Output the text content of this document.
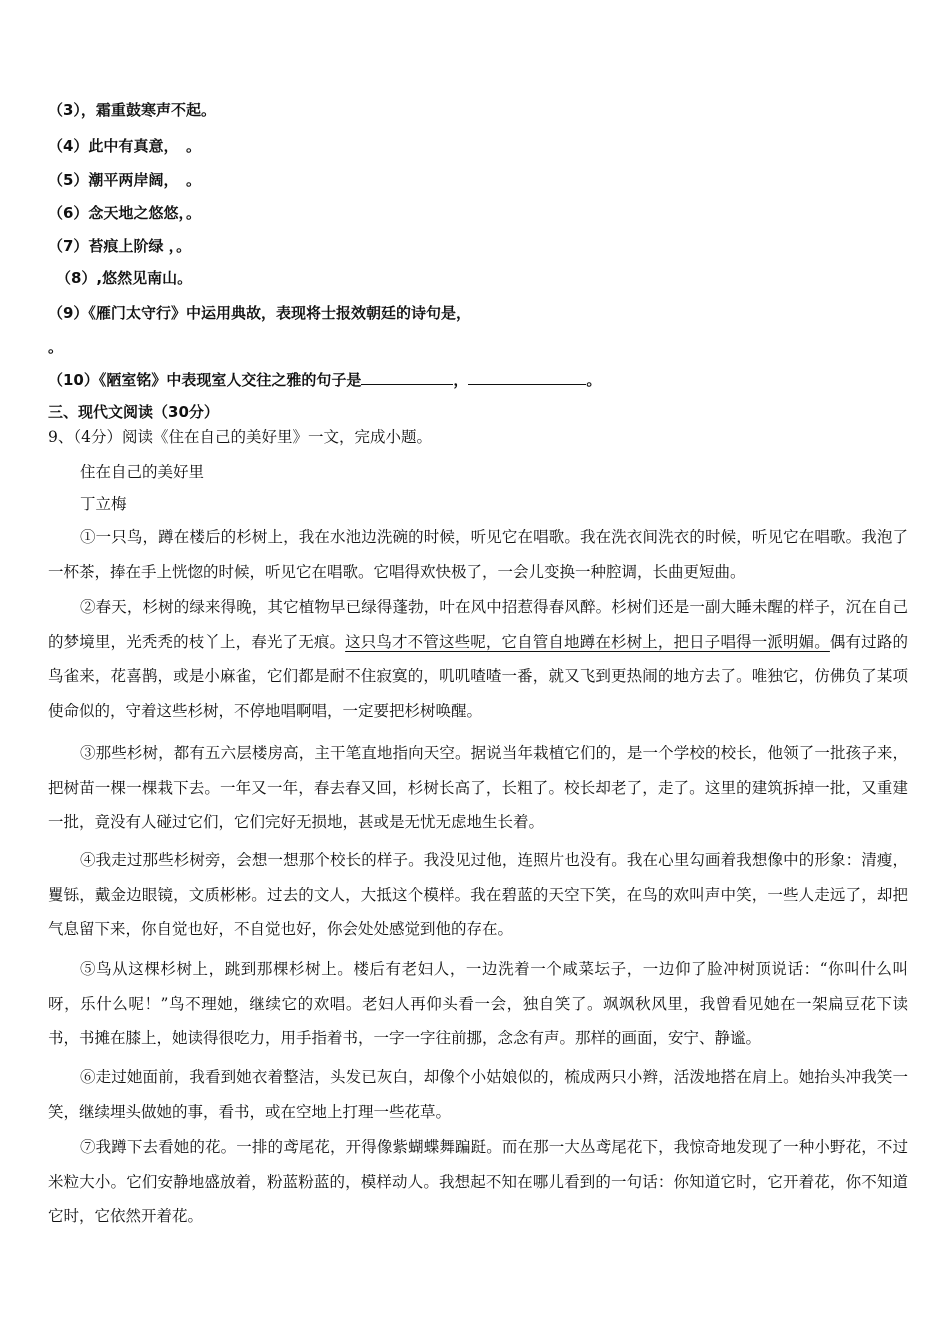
（3），霜重鼓寒声不起。
（4）此中有真意，　。
（5）潮平两岸阔，　。
（6）念天地之悠悠，。
（7）苔痕上阶绿 ，。
（8）,悠然见南山。
（9）《雁门太守行》中运用典故，表现将士报效朝廷的诗句是，
。
（10）《陋室铭》中表现室人交往之雅的句子是	，	。
三、现代文阅读（30分）
9、（4分）阅读《住在自己的美好里》一文，完成小题。
住在自己的美好里
丁立梅
①一只鸟，蹲在楼后的杉树上，我在水池边洗碗的时候，听见它在唱歌。我在洗衣间洗衣的时候，听见它在唱歌。我泡了一杯茶，捧在手上恍惚的时候，听见它在唱歌。它唱得欢快极了，一会儿变换一种腔调，长曲更短曲。
②春天，杉树的绿来得晚，其它植物早已绿得蓬勃，叶在风中招惹得春风醉。杉树们还是一副大睡未醒的样子，沉在自己的梦境里，光秃秃的枝丫上，春光了无痕。这只鸟才不管这些呢，它自管自地蹲在杉树上，把日子唱得一派明媚。偶有过路的鸟雀来，花喜鹊，或是小麻雀，它们都是耐不住寂寞的，叽叽喳喳一番，就又飞到更热闹的地方去了。唯独它，仿佛负了某项使命似的，守着这些杉树，不停地唱啊唱，一定要把杉树唤醒。
③那些杉树，都有五六层楼房高，主干笔直地指向天空。据说当年栽植它们的，是一个学校的校长，他领了一批孩子来，把树苗一棵一棵栽下去。一年又一年，春去春又回，杉树长高了，长粗了。校长却老了，走了。这里的建筑拆掉一批，又重建一批，竟没有人碰过它们，它们完好无损地，甚或是无忧无虑地生长着。
④我走过那些杉树旁，会想一想那个校长的样子。我没见过他，连照片也没有。我在心里勾画着我想像中的形象：清瘦，矍铄，戴金边眼镜，文质彬彬。过去的文人，大抵这个模样。我在碧蓝的天空下笑，在鸟的欢叫声中笑，一些人走远了，却把气息留下来，你自觉也好，不自觉也好，你会处处感觉到他的存在。
⑤鸟从这棵杉树上，跳到那棵杉树上。楼后有老妇人，一边洗着一个咸菜坛子，一边仰了脸冲树顶说话：“你叫什么叫呀，乐什么呢！”鸟不理她，继续它的欢唱。老妇人再仰头看一会，独自笑了。飒飒秋风里，我曾看见她在一架扁豆花下读书，书摊在膝上，她读得很吃力，用手指着书，一字一字往前挪，念念有声。那样的画面，安宁、静谧。
⑥走过她面前，我看到她衣着整洁，头发已灰白，却像个小姑娘似的，梳成两只小辫，活泼地搭在肩上。她抬头冲我笑一笑，继续埋头做她的事，看书，或在空地上打理一些花草。
⑦我蹲下去看她的花。一排的鸢尾花，开得像紫蝴蝶舞蹁跹。而在那一大丛鸢尾花下，我惊奇地发现了一种小野花，不过米粒大小。它们安静地盛放着，粉蓝粉蓝的，模样动人。我想起不知在哪儿看到的一句话：你知道它时，它开着花，你不知道它时，它依然开着花。
